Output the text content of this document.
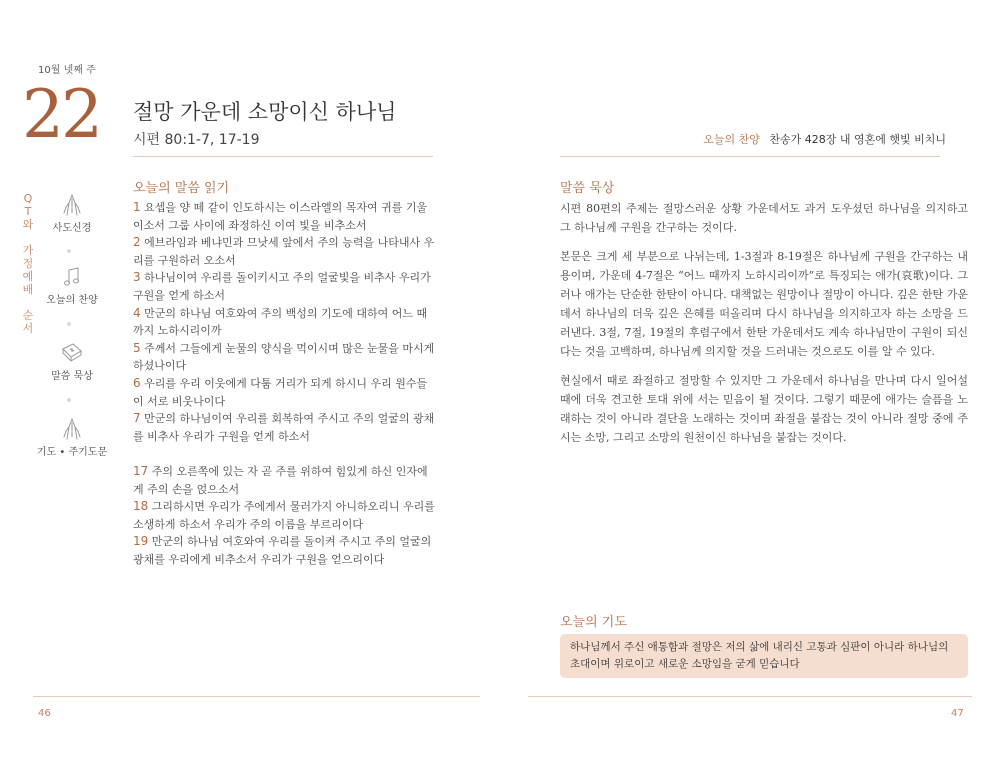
10월 넷째 주
22 절망 가운데 소망이신 하나님
시편 80:1-7, 17-19	오늘의 찬양 찬송가 428장 내 영혼에 햇빛 비치니
Q
T
와
가
정
예
배
순
서
사도신경
오늘의 찬양
말씀 묵상
기도 • 주기도문
오늘의 말씀 읽기
1 요셉을 양 떼 같이 인도하시는 이스라엘의 목자여 귀를 기울이소서 그룹 사이에 좌정하신 이여 빛을 비추소서
2 에브라임과 베냐민과 므낫세 앞에서 주의 능력을 나타내사 우리를 구원하러 오소서
3 하나님이여 우리를 돌이키시고 주의 얼굴빛을 비추사 우리가 구원을 얻게 하소서
4 만군의 하나님 여호와여 주의 백성의 기도에 대하여 어느 때까지 노하시리이까
5 주께서 그들에게 눈물의 양식을 먹이시며 많은 눈물을 마시게 하셨나이다
6 우리를 우리 이웃에게 다툼 거리가 되게 하시니 우리 원수들이 서로 비웃나이다
7 만군의 하나님이여 우리를 회복하여 주시고 주의 얼굴의 광채를 비추사 우리가 구원을 얻게 하소서
17 주의 오른쪽에 있는 자 곧 주를 위하여 힘있게 하신 인자에게 주의 손을 얹으소서
18 그리하시면 우리가 주에게서 물러가지 아니하오리니 우리를 소생하게 하소서 우리가 주의 이름을 부르리이다
19 만군의 하나님 여호와여 우리를 돌이켜 주시고 주의 얼굴의 광채를 우리에게 비추소서 우리가 구원을 얻으리이다
말씀 묵상

시편 80편의 주제는 절망스러운 상황 가운데서도 과거 도우셨던 하나님을 의지하고 그 하나님께 구원을 간구하는 것이다.

본문은 크게 세 부분으로 나뉘는데, 1-3절과 8-19절은 하나님께 구원을 간구하는 내용이며, 가운데 4-7절은 “어느 때까지 노하시리이까”로 특징되는 애가(哀歌)이다. 그러나 애가는 단순한 한탄이 아니다. 대책없는 원망이나 절망이 아니다. 깊은 한탄 가운데서 하나님의 더욱 깊은 은혜를 떠올리며 다시 하나님을 의지하고자 하는 소망을 드러낸다. 3절, 7절, 19절의 후렴구에서 한탄 가운데서도 계속 하나님만이 구원이 되신다는 것을 고백하며, 하나님께 의지할 것을 드러내는 것으로도 이를 알 수 있다.

현실에서 때로 좌절하고 절망할 수 있지만 그 가운데서 하나님을 만나며 다시 일어설 때에 더욱 견고한 토대 위에 서는 믿음이 될 것이다. 그렇기 때문에 애가는 슬픔을 노래하는 것이 아니라 결단을 노래하는 것이며 좌절을 붙잡는 것이 아니라 절망 중에 주시는 소망, 그리고 소망의 원천이신 하나님을 붙잡는 것이다.

오늘의 기도
하나님께서 주신 애통함과 절망은 저의 삶에 내리신 고통과 심판이 아니라 하나님의 초대이며 위로이고 새로운 소망임을 굳게 믿습니다
46	47
